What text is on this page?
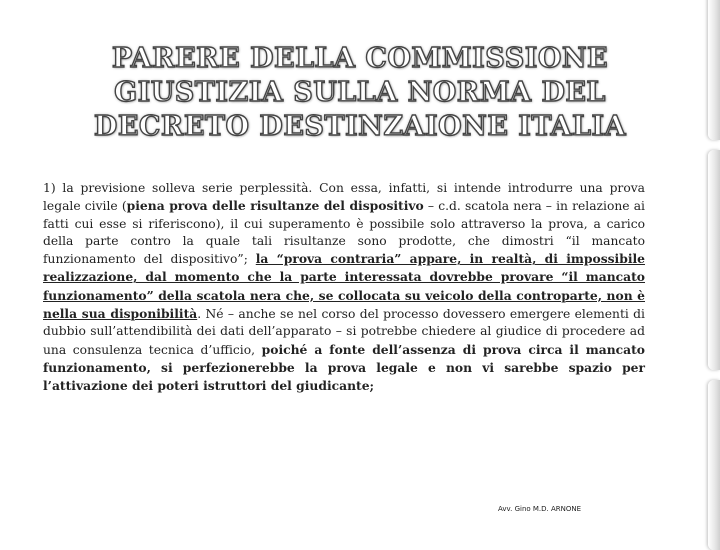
PARERE DELLA COMMISSIONE
GIUSTIZIA SULLA NORMA DEL
DECRETO DESTINZAIONE ITALIA

1) la previsione solleva serie perplessità. Con essa, infatti, si intende introdurre una prova legale civile (piena prova delle risultanze del dispositivo – c.d. scatola nera – in relazione ai fatti cui esse si riferiscono), il cui superamento è possibile solo attraverso la prova, a carico della parte contro la quale tali risultanze sono prodotte, che dimostri “il mancato funzionamento del dispositivo”; la “prova contraria” appare, in realtà, di impossibile realizzazione, dal momento che la parte interessata dovrebbe provare “il mancato funzionamento” della scatola nera che, se collocata su veicolo della controparte, non è nella sua disponibilità. Né – anche se nel corso del processo dovessero emergere elementi di dubbio sull’attendibilità dei dati dell’apparato – si potrebbe chiedere al giudice di procedere ad una consulenza tecnica d’ufficio, poiché a fonte dell’assenza di prova circa il mancato funzionamento, si perfezionerebbe la prova legale e non vi sarebbe spazio per l’attivazione dei poteri istruttori del giudicante;

Avv. Gino M.D. ARNONE
